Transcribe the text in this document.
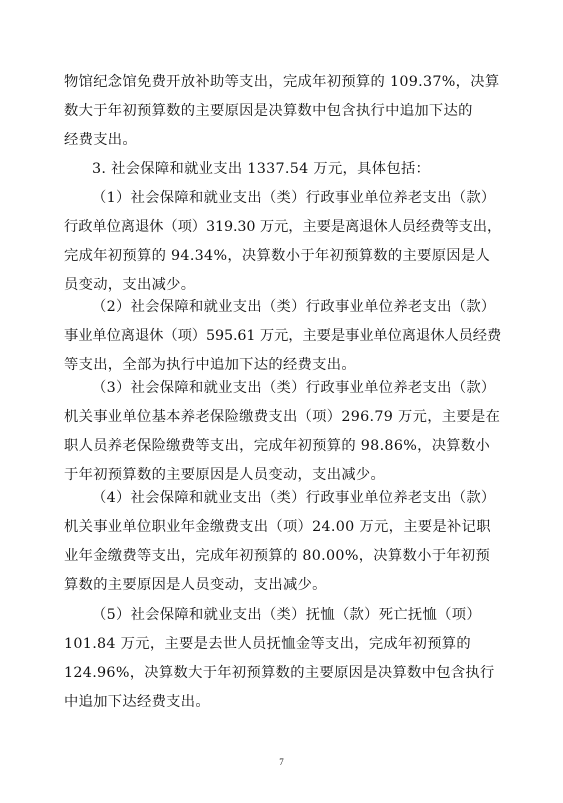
物馆纪念馆免费开放补助等支出，完成年初预算的 109.37%，决算
数大于年初预算数的主要原因是决算数中包含执行中追加下达的
经费支出。

3. 社会保障和就业支出 1337.54 万元，具体包括：

（1）社会保障和就业支出（类）行政事业单位养老支出（款）
行政单位离退休（项）319.30 万元，主要是离退休人员经费等支出，
完成年初预算的 94.34%，决算数小于年初预算数的主要原因是人
员变动，支出减少。

（2）社会保障和就业支出（类）行政事业单位养老支出（款）
事业单位离退休（项）595.61 万元，主要是事业单位离退休人员经费
等支出，全部为执行中追加下达的经费支出。

（3）社会保障和就业支出（类）行政事业单位养老支出（款）
机关事业单位基本养老保险缴费支出（项）296.79 万元，主要是在
职人员养老保险缴费等支出，完成年初预算的 98.86%，决算数小
于年初预算数的主要原因是人员变动，支出减少。

（4）社会保障和就业支出（类）行政事业单位养老支出（款）
机关事业单位职业年金缴费支出（项）24.00 万元，主要是补记职
业年金缴费等支出，完成年初预算的 80.00%，决算数小于年初预
算数的主要原因是人员变动，支出减少。

（5）社会保障和就业支出（类）抚恤（款）死亡抚恤（项）
101.84 万元，主要是去世人员抚恤金等支出，完成年初预算的
124.96%，决算数大于年初预算数的主要原因是决算数中包含执行
中追加下达经费支出。

7
